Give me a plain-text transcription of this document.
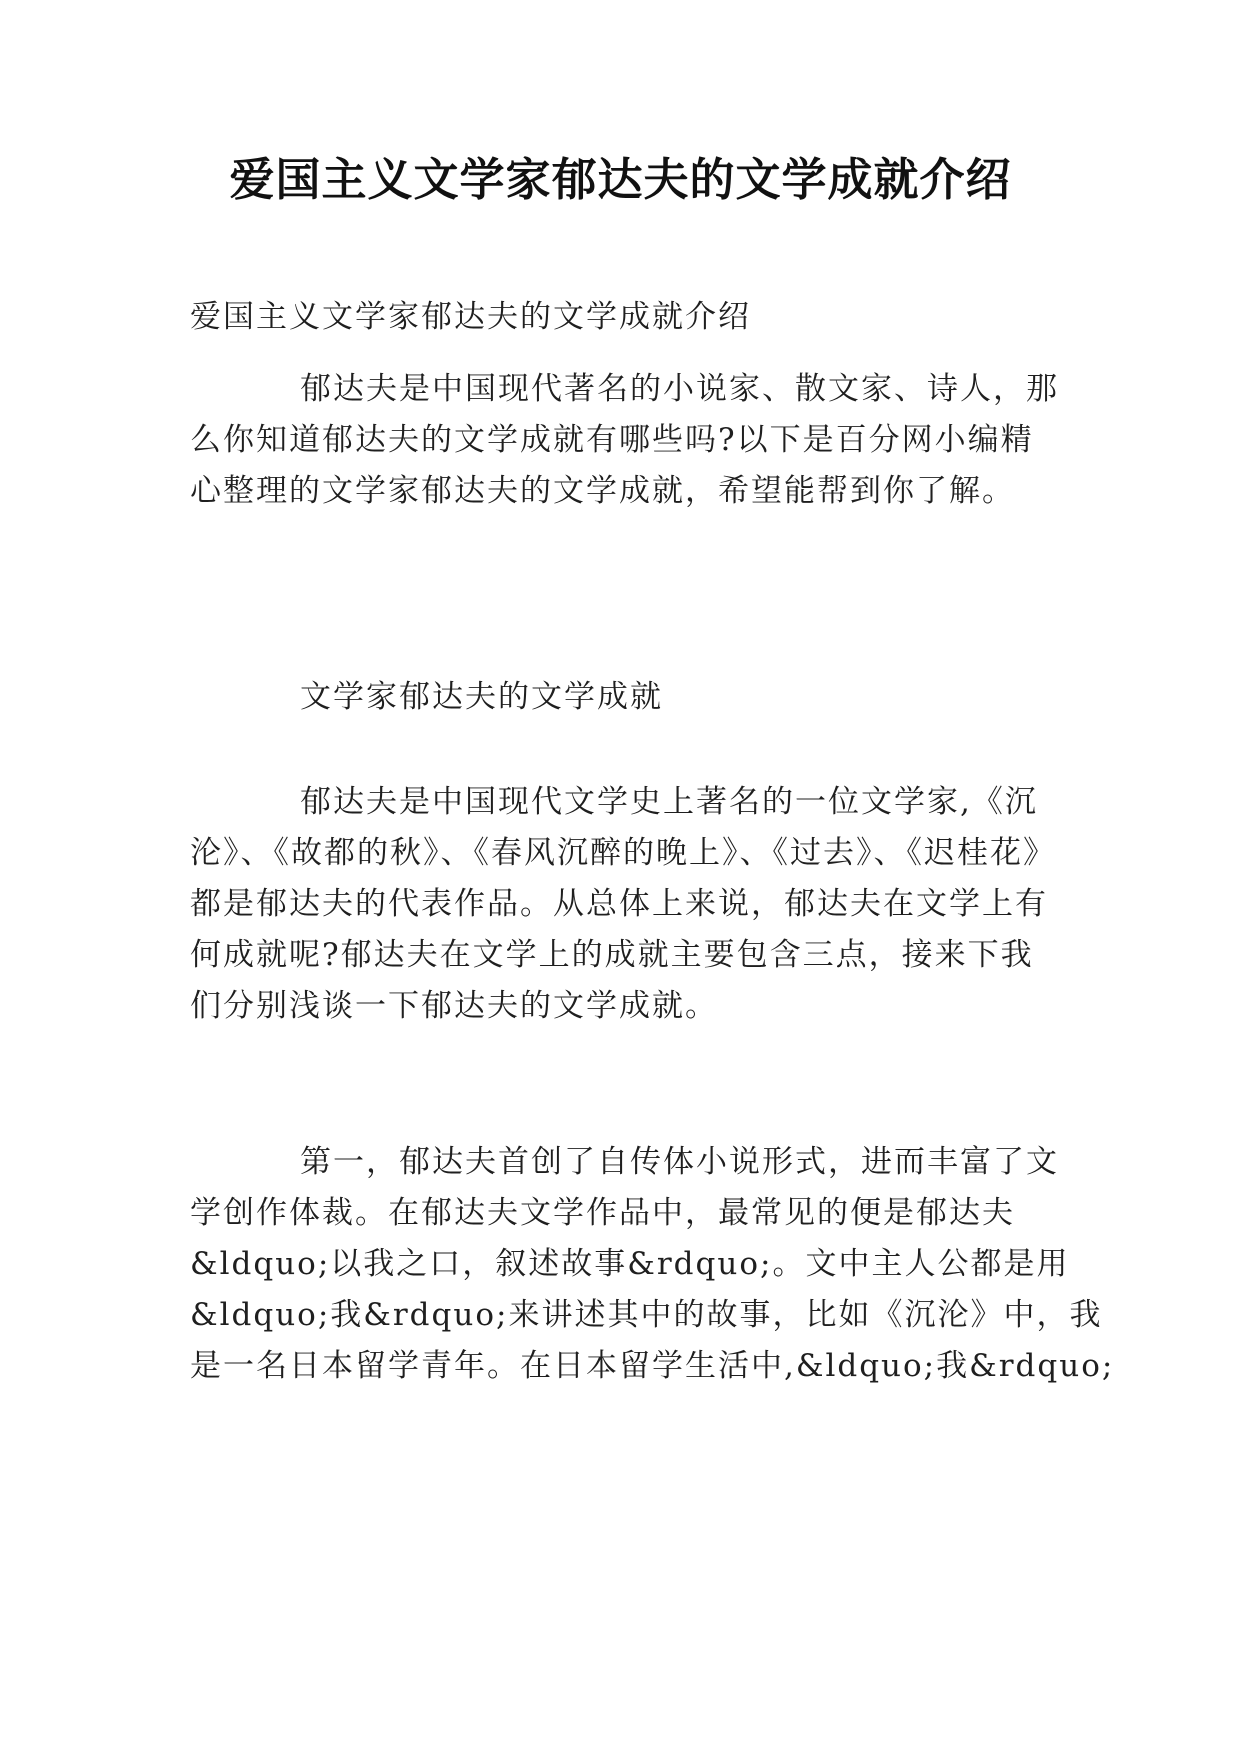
爱国主义文学家郁达夫的文学成就介绍
爱国主义文学家郁达夫的文学成就介绍
郁达夫是中国现代著名的小说家、散文家、诗人，那
么你知道郁达夫的文学成就有哪些吗?以下是百分网小编精
心整理的文学家郁达夫的文学成就，希望能帮到你了解。
文学家郁达夫的文学成就
郁达夫是中国现代文学史上著名的一位文学家,《沉
沦》、《故都的秋》、《春风沉醉的晚上》、《过去》、《迟桂花》
都是郁达夫的代表作品。从总体上来说，郁达夫在文学上有
何成就呢?郁达夫在文学上的成就主要包含三点，接来下我
们分别浅谈一下郁达夫的文学成就。
第一，郁达夫首创了自传体小说形式，进而丰富了文
学创作体裁。在郁达夫文学作品中，最常见的便是郁达夫
&ldquo;以我之口，叙述故事&rdquo;。文中主人公都是用
&ldquo;我&rdquo;来讲述其中的故事，比如《沉沦》中，我
是一名日本留学青年。在日本留学生活中,&ldquo;我&rdquo;
